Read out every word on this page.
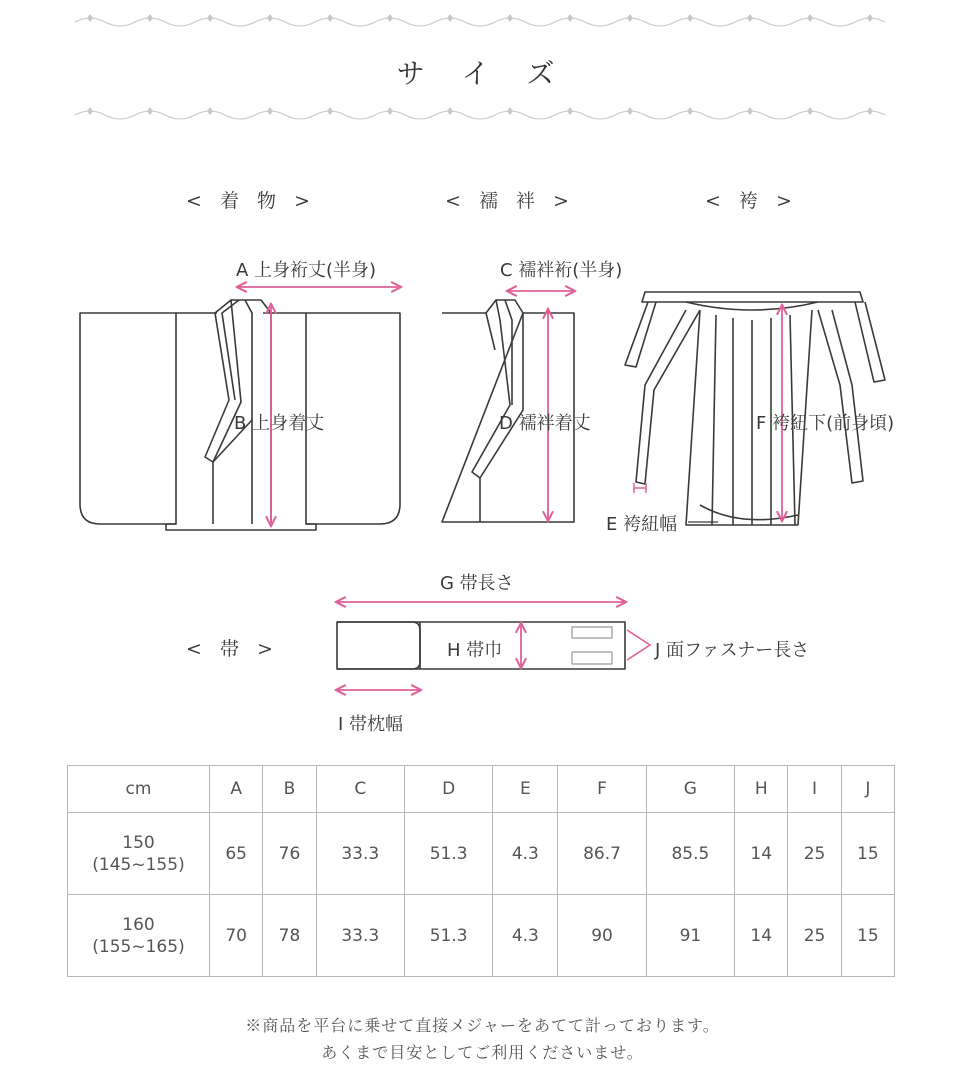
サ イ ズ
< 着 物 >	< 襦 袢 >	< 袴 >
< 帯 >
A 上身裄丈(半身)
B 上身着丈
C 襦袢裄(半身)
D 襦袢着丈
E 袴紐幅
F 袴紐下(前身頃)
G 帯長さ
H 帯巾
I 帯枕幅
J 面ファスナー長さ
cm	A	B	C	D	E	F	G	H	I	J

150
(145~155)	65	76	33.3	51.3	4.3	86.7	85.5	14	25	15

160
(155~165)	70	78	33.3	51.3	4.3	90	91	14	25	15
※商品を平台に乗せて直接メジャーをあてて計っております。
あくまで目安としてご利用くださいませ。
